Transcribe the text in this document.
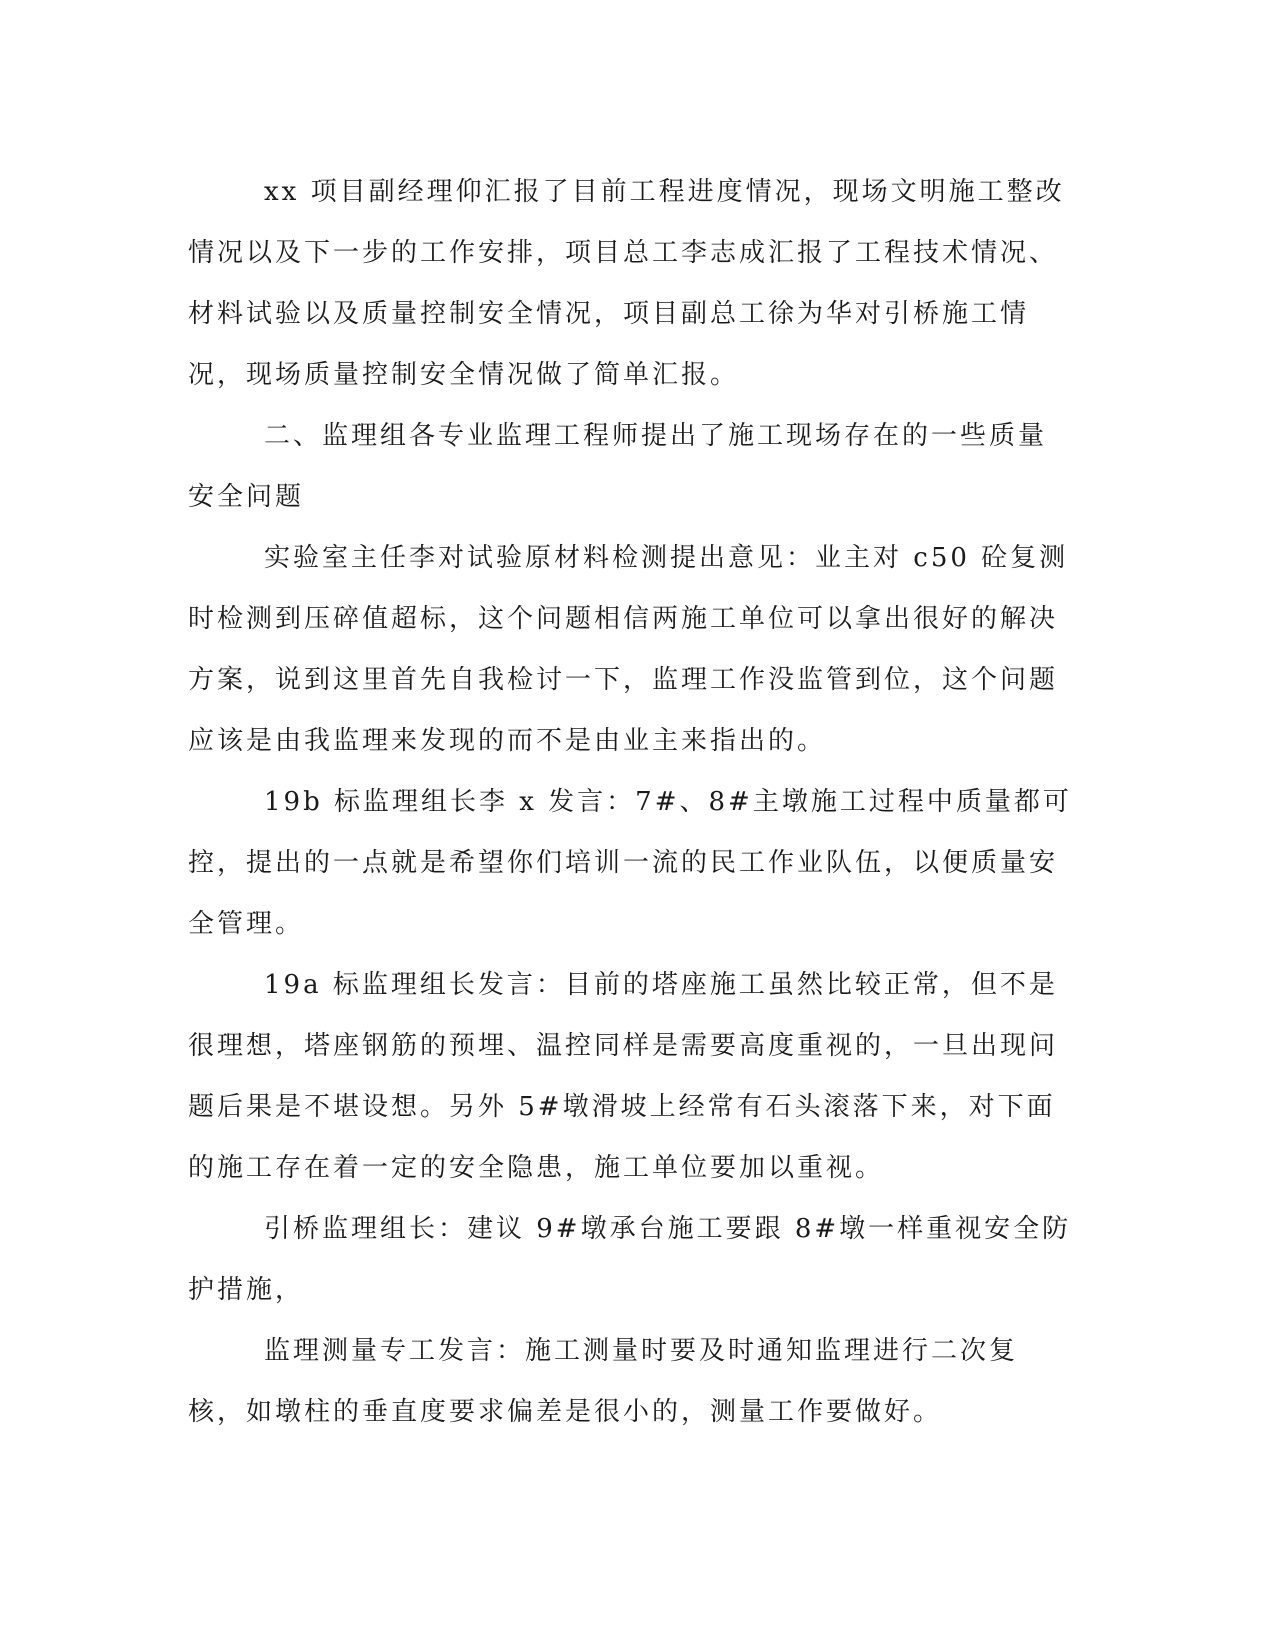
xx 项目副经理仰汇报了目前工程进度情况，现场文明施工整改情况以及下一步的工作安排，项目总工李志成汇报了工程技术情况、材料试验以及质量控制安全情况，项目副总工徐为华对引桥施工情况，现场质量控制安全情况做了简单汇报。

二、监理组各专业监理工程师提出了施工现场存在的一些质量安全问题

实验室主任李对试验原材料检测提出意见：业主对 c50 砼复测时检测到压碎值超标，这个问题相信两施工单位可以拿出很好的解决方案，说到这里首先自我检讨一下，监理工作没监管到位，这个问题应该是由我监理来发现的而不是由业主来指出的。

19b 标监理组长李 x 发言：7#、8#主墩施工过程中质量都可控，提出的一点就是希望你们培训一流的民工作业队伍，以便质量安全管理。

19a 标监理组长发言：目前的塔座施工虽然比较正常，但不是很理想，塔座钢筋的预埋、温控同样是需要高度重视的，一旦出现问题后果是不堪设想。另外 5#墩滑坡上经常有石头滚落下来，对下面的施工存在着一定的安全隐患，施工单位要加以重视。

引桥监理组长：建议 9#墩承台施工要跟 8#墩一样重视安全防护措施，

监理测量专工发言：施工测量时要及时通知监理进行二次复核，如墩柱的垂直度要求偏差是很小的，测量工作要做好。
